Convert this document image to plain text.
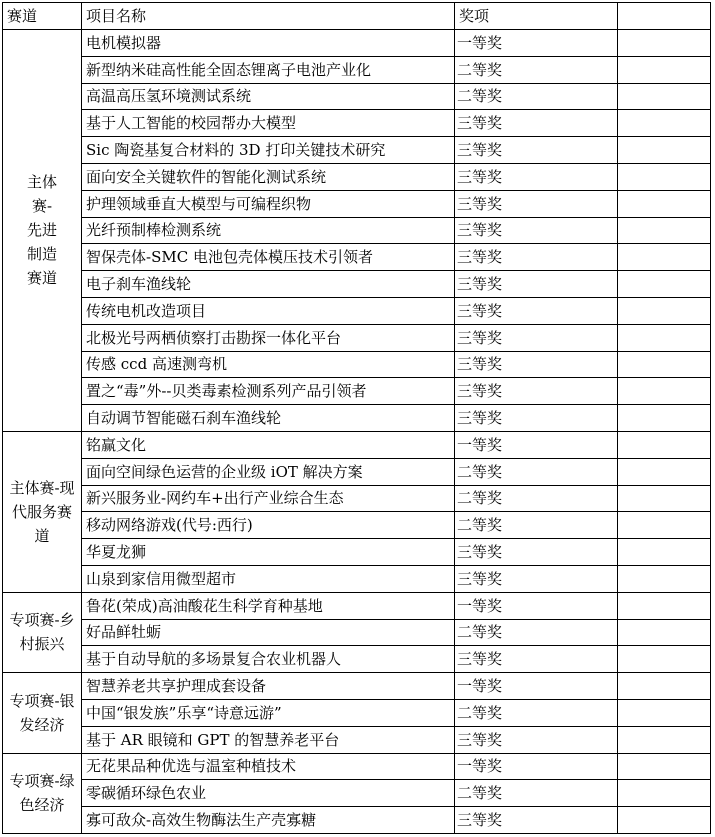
赛道	项目名称	奖项	
主体赛-先进制造赛道	电机模拟器	一等奖	
	新型纳米硅高性能全固态锂离子电池产业化	二等奖	
	高温高压氢环境测试系统	二等奖	
	基于人工智能的校园帮办大模型	三等奖	
	Sic 陶瓷基复合材料的 3D 打印关键技术研究	三等奖	
	面向安全关键软件的智能化测试系统	三等奖	
	护理领域垂直大模型与可编程织物	三等奖	
	光纤预制棒检测系统	三等奖	
	智保壳体-SMC 电池包壳体模压技术引领者	三等奖	
	电子刹车渔线轮	三等奖	
	传统电机改造项目	三等奖	
	北极光号两栖侦察打击勘探一体化平台	三等奖	
	传感 ccd 高速测弯机	三等奖	
	置之“毒”外--贝类毒素检测系列产品引领者	三等奖	
	自动调节智能磁石刹车渔线轮	三等奖	
主体赛-现代服务赛道	铭赢文化	一等奖	
	面向空间绿色运营的企业级 iOT 解决方案	二等奖	
	新兴服务业-网约车+出行产业综合生态	二等奖	
	移动网络游戏(代号:西行)	二等奖	
	华夏龙狮	三等奖	
	山泉到家信用微型超市	三等奖	
专项赛-乡村振兴	鲁花(荣成)高油酸花生科学育种基地	一等奖	
	好品鲜牡蛎	二等奖	
	基于自动导航的多场景复合农业机器人	三等奖	
专项赛-银发经济	智慧养老共享护理成套设备	一等奖	
	中国“银发族”乐享“诗意远游”	二等奖	
	基于 AR 眼镜和 GPT 的智慧养老平台	三等奖	
专项赛-绿色经济	无花果品种优选与温室种植技术	一等奖	
	零碳循环绿色农业	二等奖	
	寡可敌众-高效生物酶法生产壳寡糖	三等奖	
